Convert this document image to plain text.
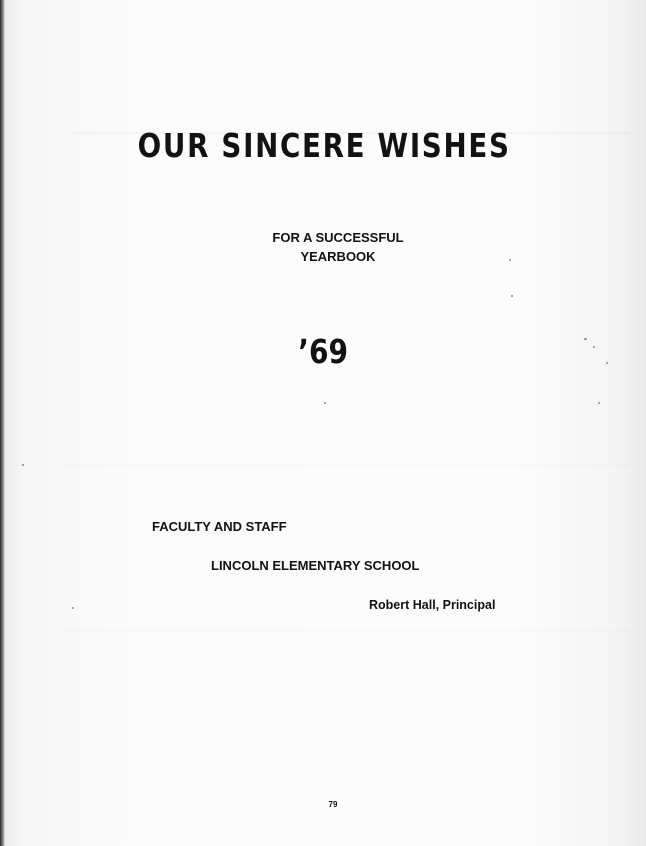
OUR SINCERE WISHES
FOR A SUCCESSFUL
YEARBOOK
’69
FACULTY AND STAFF
LINCOLN ELEMENTARY SCHOOL
Robert Hall, Principal
79
